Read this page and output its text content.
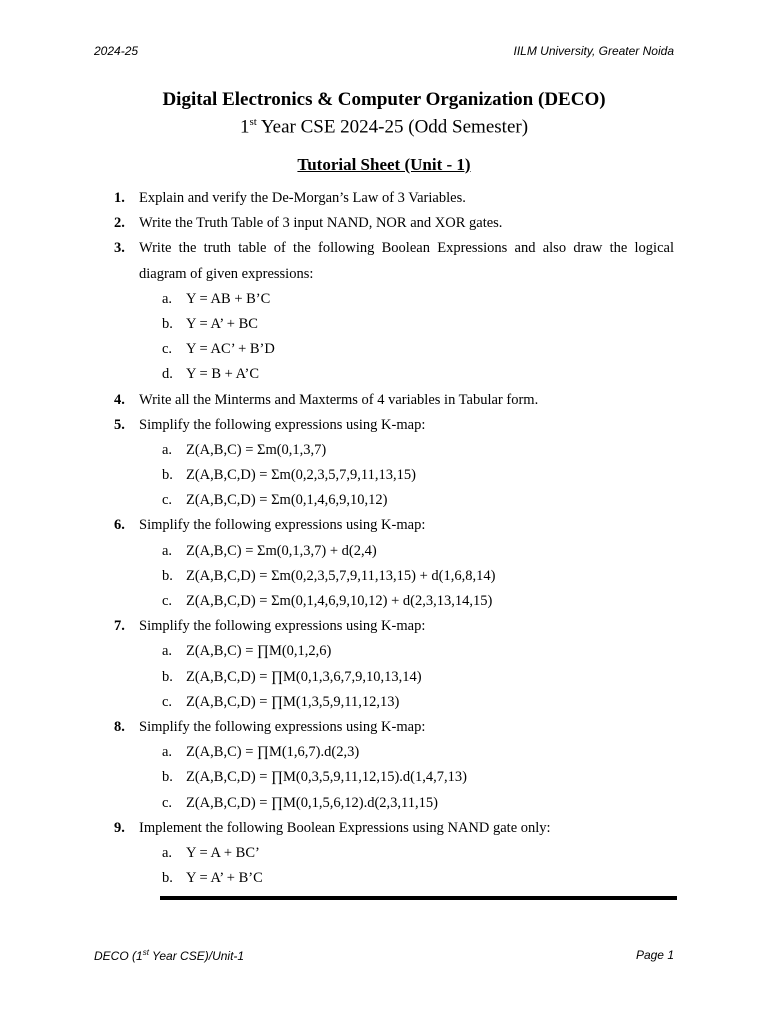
2024-25	IILM University, Greater Noida
Digital Electronics & Computer Organization (DECO)
1st Year CSE 2024-25 (Odd Semester)
Tutorial Sheet (Unit - 1)
1. Explain and verify the De-Morgan’s Law of 3 Variables.
2. Write the Truth Table of 3 input NAND, NOR and XOR gates.
3. Write the truth table of the following Boolean Expressions and also draw the logical
diagram of given expressions:
a. Y = AB + B’C
b. Y = A’ + BC
c. Y = AC’ + B’D
d. Y = B + A’C
4. Write all the Minterms and Maxterms of 4 variables in Tabular form.
5. Simplify the following expressions using K-map:
a. Z(A,B,C) = Σm(0,1,3,7)
b. Z(A,B,C,D) = Σm(0,2,3,5,7,9,11,13,15)
c. Z(A,B,C,D) = Σm(0,1,4,6,9,10,12)
6. Simplify the following expressions using K-map:
a. Z(A,B,C) = Σm(0,1,3,7) + d(2,4)
b. Z(A,B,C,D) = Σm(0,2,3,5,7,9,11,13,15) + d(1,6,8,14)
c. Z(A,B,C,D) = Σm(0,1,4,6,9,10,12) + d(2,3,13,14,15)
7. Simplify the following expressions using K-map:
a. Z(A,B,C) = ∏M(0,1,2,6)
b. Z(A,B,C,D) = ∏M(0,1,3,6,7,9,10,13,14)
c. Z(A,B,C,D) = ∏M(1,3,5,9,11,12,13)
8. Simplify the following expressions using K-map:
a. Z(A,B,C) = ∏M(1,6,7).d(2,3)
b. Z(A,B,C,D) = ∏M(0,3,5,9,11,12,15).d(1,4,7,13)
c. Z(A,B,C,D) = ∏M(0,1,5,6,12).d(2,3,11,15)
9. Implement the following Boolean Expressions using NAND gate only:
a. Y = A + BC’
b. Y = A’ + B’C
DECO (1st Year CSE)/Unit-1	Page 1
